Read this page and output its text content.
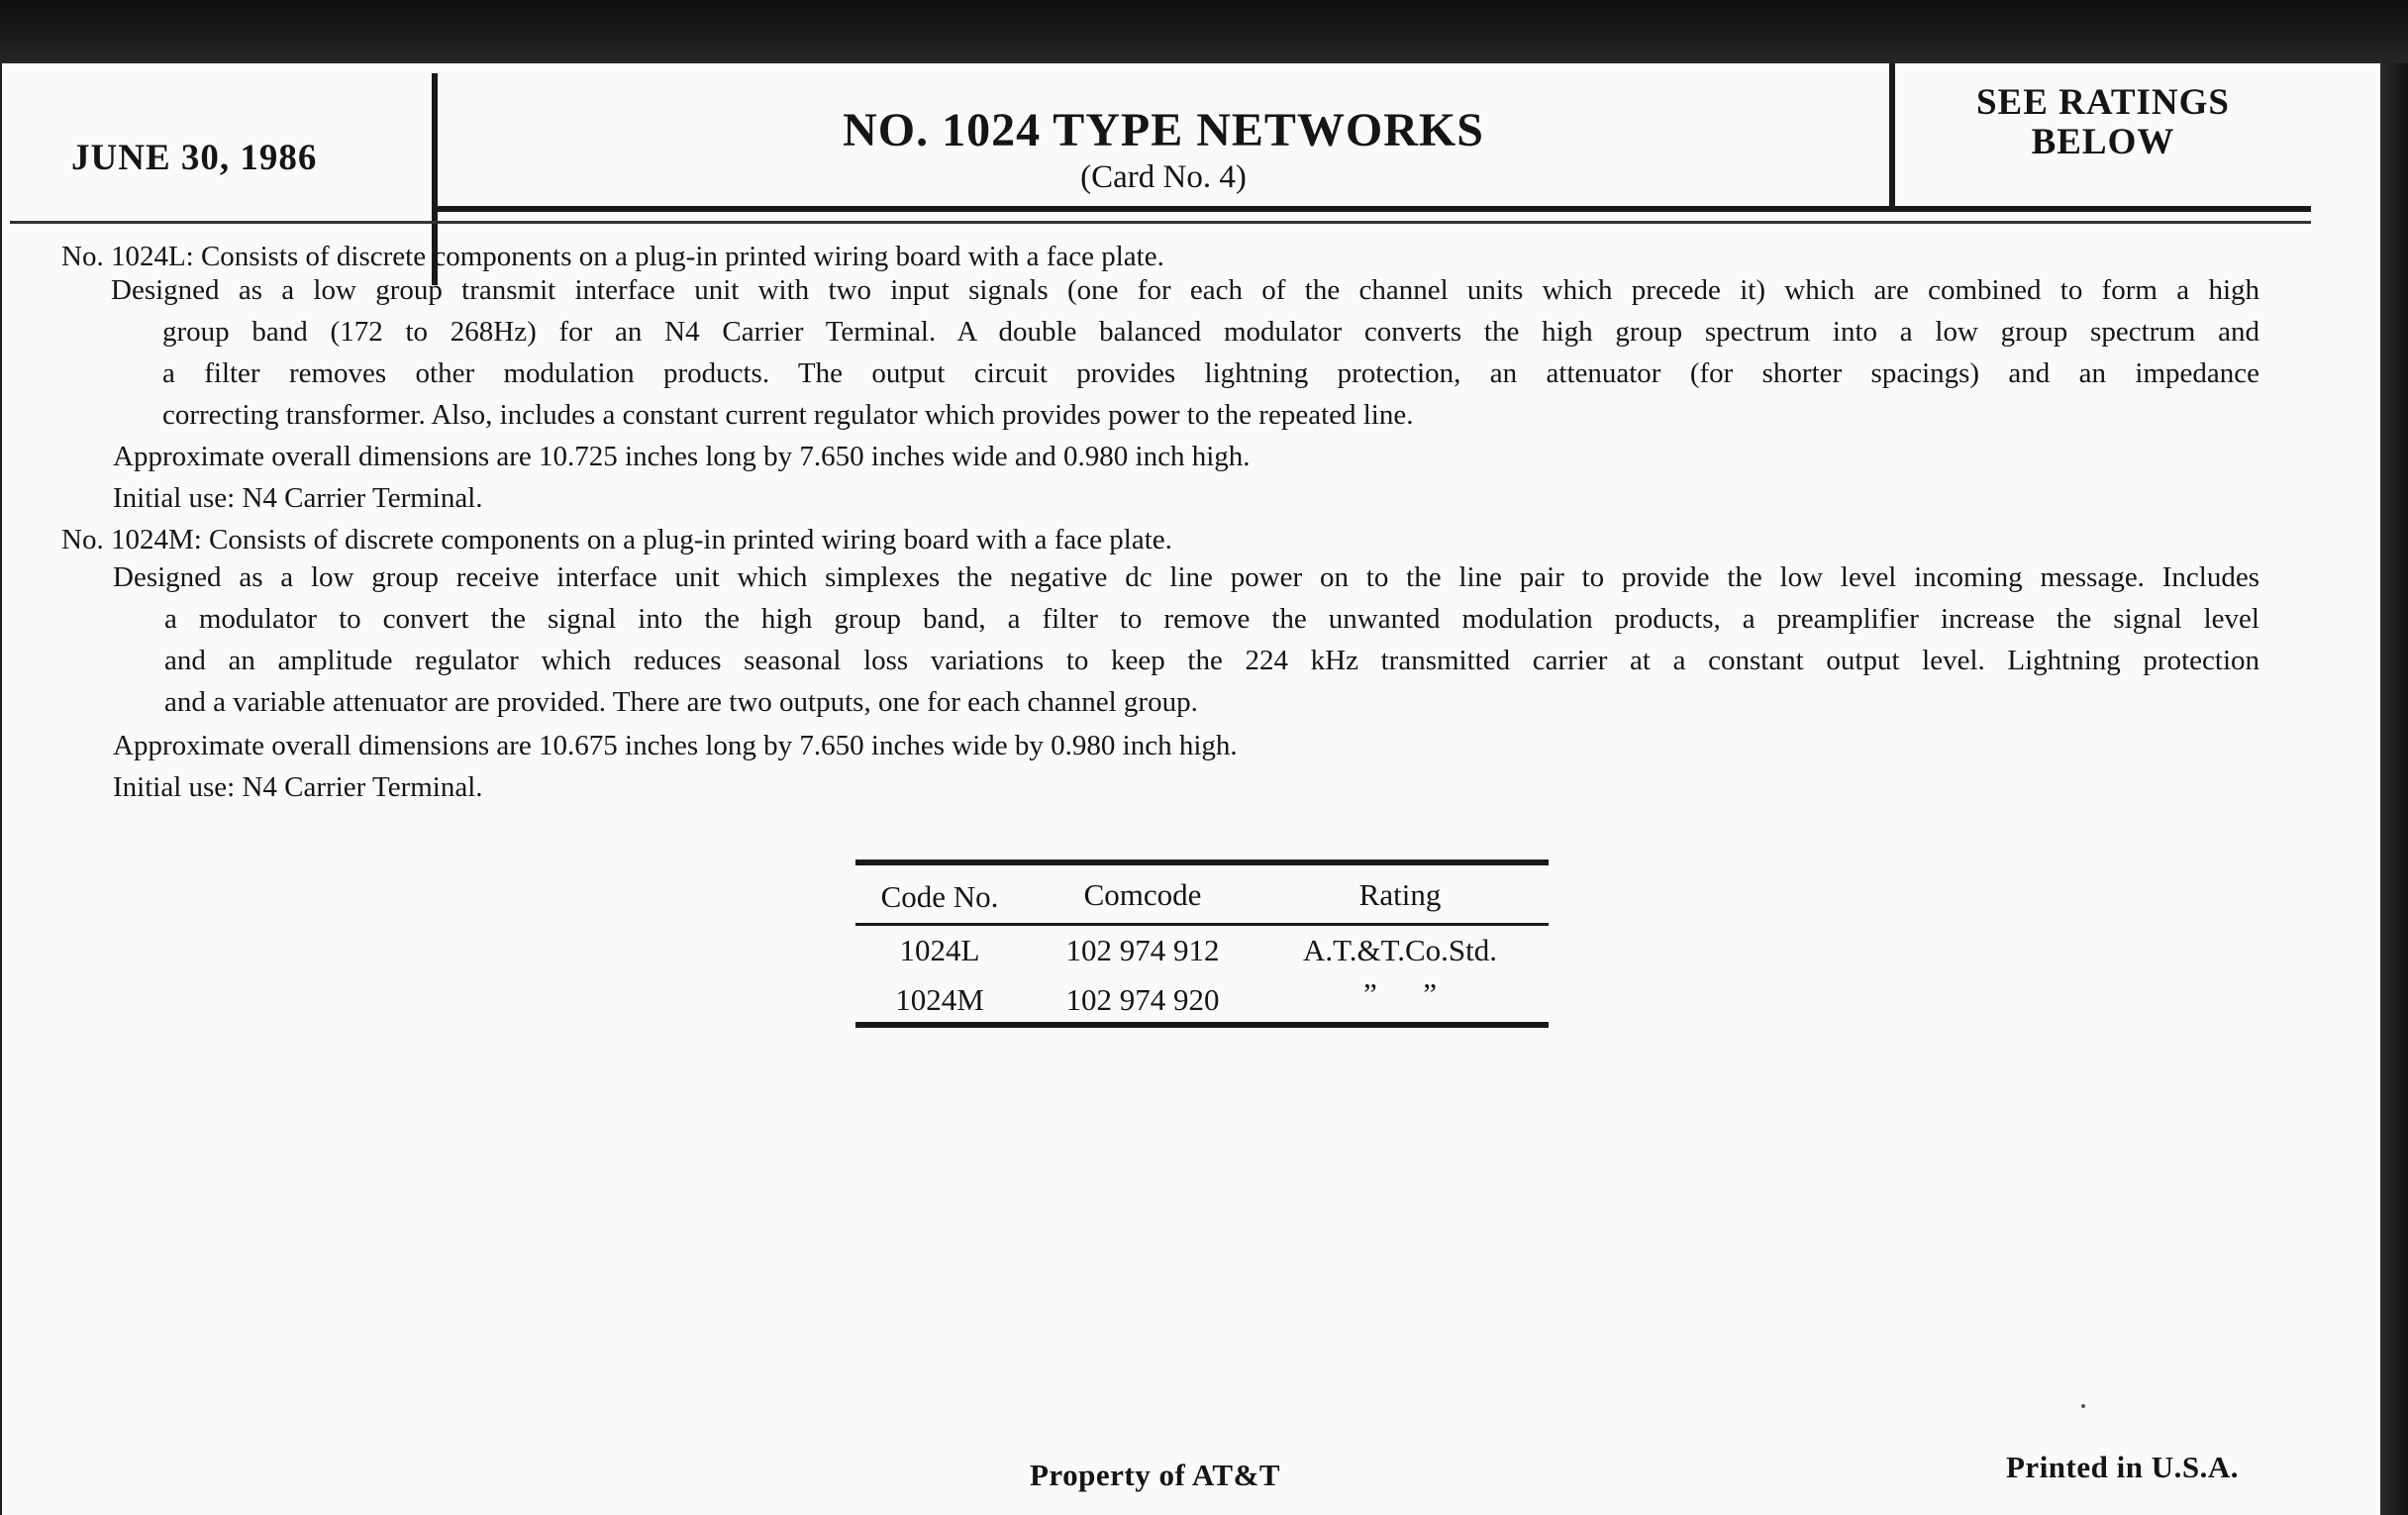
JUNE 30, 1986
NO. 1024 TYPE NETWORKS
(Card No. 4)
SEE RATINGS
BELOW
No. 1024L: Consists of discrete components on a plug-in printed wiring board with a face plate.
Designed as a low group transmit interface unit with two input signals (one for each of the channel units which precede it) which are combined to form a high
group band (172 to 268Hz) for an N4 Carrier Terminal. A double balanced modulator converts the high group spectrum into a low group spectrum and
a filter removes other modulation products. The output circuit provides lightning protection, an attenuator (for shorter spacings) and an impedance
correcting transformer. Also, includes a constant current regulator which provides power to the repeated line.
Approximate overall dimensions are 10.725 inches long by 7.650 inches wide and 0.980 inch high.
Initial use: N4 Carrier Terminal.
No. 1024M: Consists of discrete components on a plug-in printed wiring board with a face plate.
Designed as a low group receive interface unit which simplexes the negative dc line power on to the line pair to provide the low level incoming message. Includes
a modulator to convert the signal into the high group band, a filter to remove the unwanted modulation products, a preamplifier increase the signal level
and an amplitude regulator which reduces seasonal loss variations to keep the 224 kHz transmitted carrier at a constant output level. Lightning protection
and a variable attenuator are provided. There are two outputs, one for each channel group.
Approximate overall dimensions are 10.675 inches long by 7.650 inches wide by 0.980 inch high.
Initial use: N4 Carrier Terminal.
Code No.	Comcode	Rating
1024L	102 974 912	A.T.&T.Co.Std.
1024M	102 974 920	”      ”
Property of AT&T	Printed in U.S.A.
